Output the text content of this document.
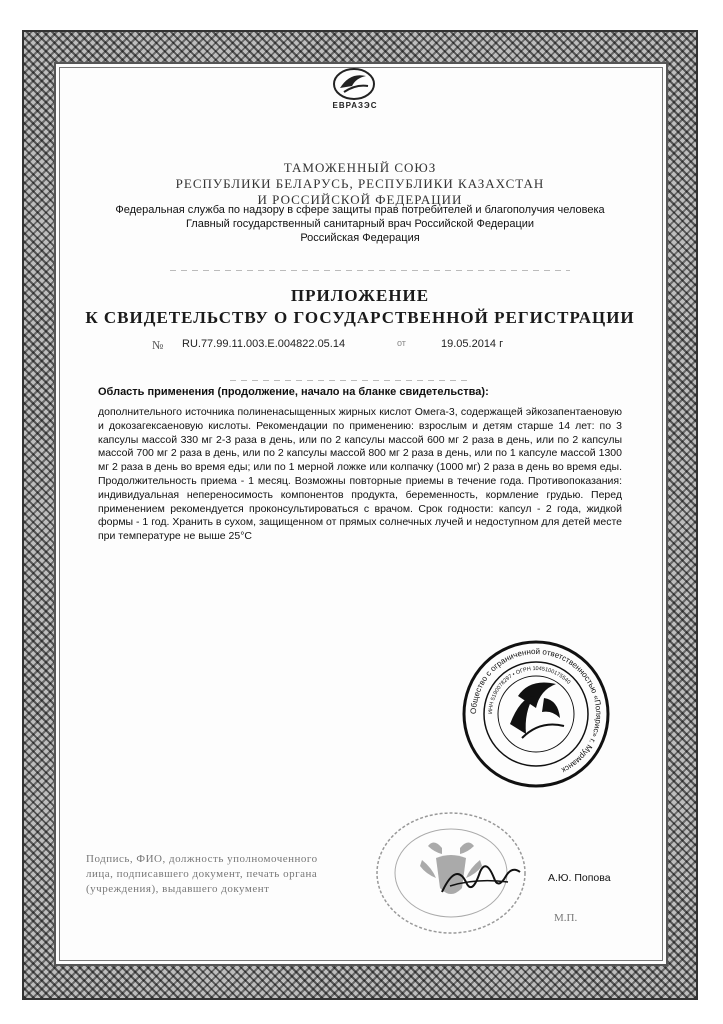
ЕВРАЗЭС
ТАМОЖЕННЫЙ СОЮЗ
РЕСПУБЛИКИ БЕЛАРУСЬ, РЕСПУБЛИКИ КАЗАХСТАН
И РОССИЙСКОЙ ФЕДЕРАЦИИ
Федеральная служба по надзору в сфере защиты прав потребителей и благополучия человека
Главный государственный санитарный врач Российской Федерации
Российская Федерация
ПРИЛОЖЕНИЕ
К СВИДЕТЕЛЬСТВУ О ГОСУДАРСТВЕННОЙ РЕГИСТРАЦИИ
№ RU.77.99.11.003.E.004822.05.14	от	19.05.2014 г
Область применения (продолжение, начало на бланке свидетельства):
дополнительного источника полиненасыщенных жирных кислот Омега-3, содержащей эйкозапентаеновую и докозагексаеновую кислоты. Рекомендации по применению: взрослым и детям старше 14 лет: по 3 капсулы массой 330 мг 2-3 раза в день, или по 2 капсулы массой 600 мг 2 раза в день, или по 2 капсулы массой 700 мг 2 раза в день, или по 2 капсулы массой 800 мг 2 раза в день, или по 1 капсуле массой 1300 мг 2 раза в день во время еды; или по 1 мерной ложке или колпачку (1000 мг) 2 раза в день во время еды. Продолжительность приема - 1 месяц. Возможны повторные приемы в течение года. Противопоказания: индивидуальная непереносимость компонентов продукта, беременность, кормление грудью. Перед применением рекомендуется проконсультироваться с врачом. Срок годности: капсул - 2 года, жидкой формы - 1 год. Хранить в сухом, защищенном от прямых солнечных лучей и недоступном для детей месте при температуре не выше 25°С
Общество с ограниченной ответственностью «Полярис» г. Мурманск
ИНН 5190078297 • ОГРН 1045100175540
Подпись, ФИО, должность уполномоченного
лица, подписавшего документ, печать органа
(учреждения), выдавшего документ
А.Ю. Попова
М.П.
